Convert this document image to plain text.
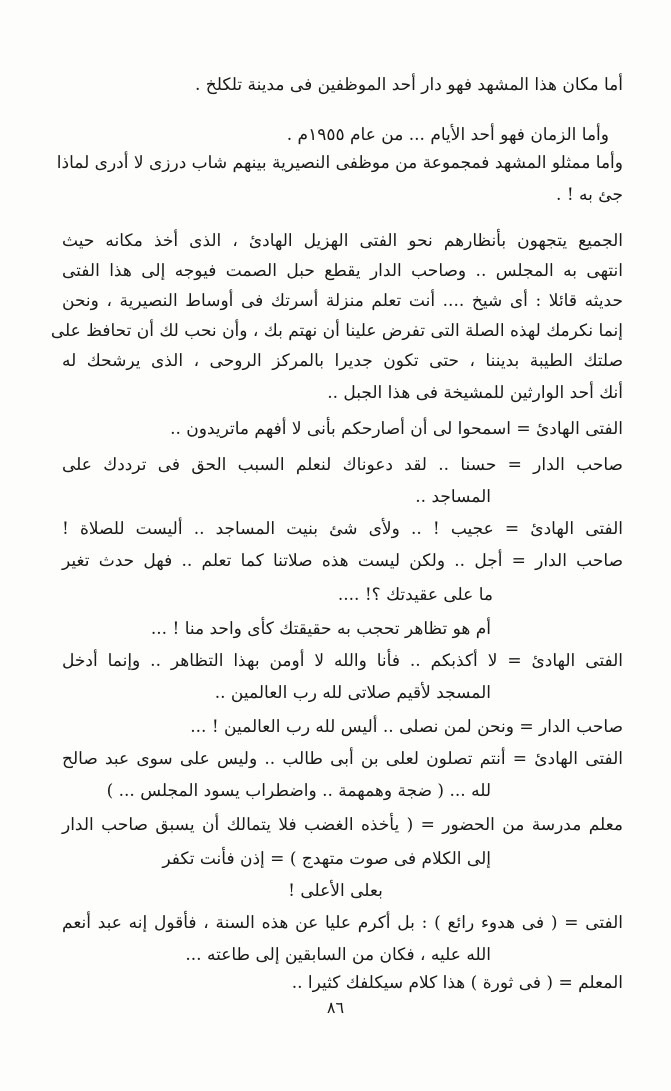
أما مكان هذا المشهد فهو دار أحد الموظفين فى مدينة تلكلخ .
وأما الزمان فهو أحد الأيام ... من عام ١٩٥٥م .
وأما ممثلو المشهد فمجموعة من موظفى النصيرية بينهم شاب درزى لا أدرى لماذا
جئ به ! .
الجميع يتجهون بأنظارهم نحو الفتى الهزيل الهادئ ، الذى أخذ مكانه حيث
انتهى به المجلس .. وصاحب الدار يقطع حبل الصمت فيوجه إلى هذا الفتى
حديثه قائلا : أى شيخ .... أنت تعلم منزلة أسرتك فى أوساط النصيرية ، ونحن
إنما نكرمك لهذه الصلة التى تفرض علينا أن نهتم بك ، وأن نحب لك أن تحافظ على
صلتك الطيبة بديننا ، حتى تكون جديرا بالمركز الروحى ، الذى يرشحك له
أنك أحد الوارثين للمشيخة فى هذا الجبل ..
الفتى الهادئ = اسمحوا لى أن أصارحكم بأنى لا أفهم ماتريدون ..
صاحب الدار = حسنا .. لقد دعوناك لنعلم السبب الحق فى ترددك على
المساجد ..
الفتى الهادئ = عجيب ! .. ولأى شئ بنيت المساجد .. أليست للصلاة !
صاحب الدار = أجل .. ولكن ليست هذه صلاتنا كما تعلم .. فهل حدث تغير
ما على عقيدتك ؟! ....
أم هو تظاهر تحجب به حقيقتك كأى واحد منا ! ...
الفتى الهادئ = لا أكذبكم .. فأنا والله لا أومن بهذا التظاهر .. وإنما أدخل
المسجد لأقيم صلاتى لله رب العالمين ..
صاحب الدار = ونحن لمن نصلى .. أليس لله رب العالمين ! ...
الفتى الهادئ = أنتم تصلون لعلى بن أبى طالب .. وليس على سوى عبد صالح
لله ... ( ضجة وهمهمة .. واضطراب يسود المجلس ... )
معلم مدرسة من الحضور = ( يأخذه الغضب فلا يتمالك أن يسبق صاحب الدار
إلى الكلام فى صوت متهدج ) = إذن فأنت تكفر
بعلى الأعلى !
الفتى = ( فى هدوء رائع ) : بل أكرم عليا عن هذه السنة ، فأقول إنه عبد أنعم
الله عليه ، فكان من السابقين إلى طاعته ...
المعلم = ( فى ثورة ) هذا كلام سيكلفك كثيرا ..
٨٦
